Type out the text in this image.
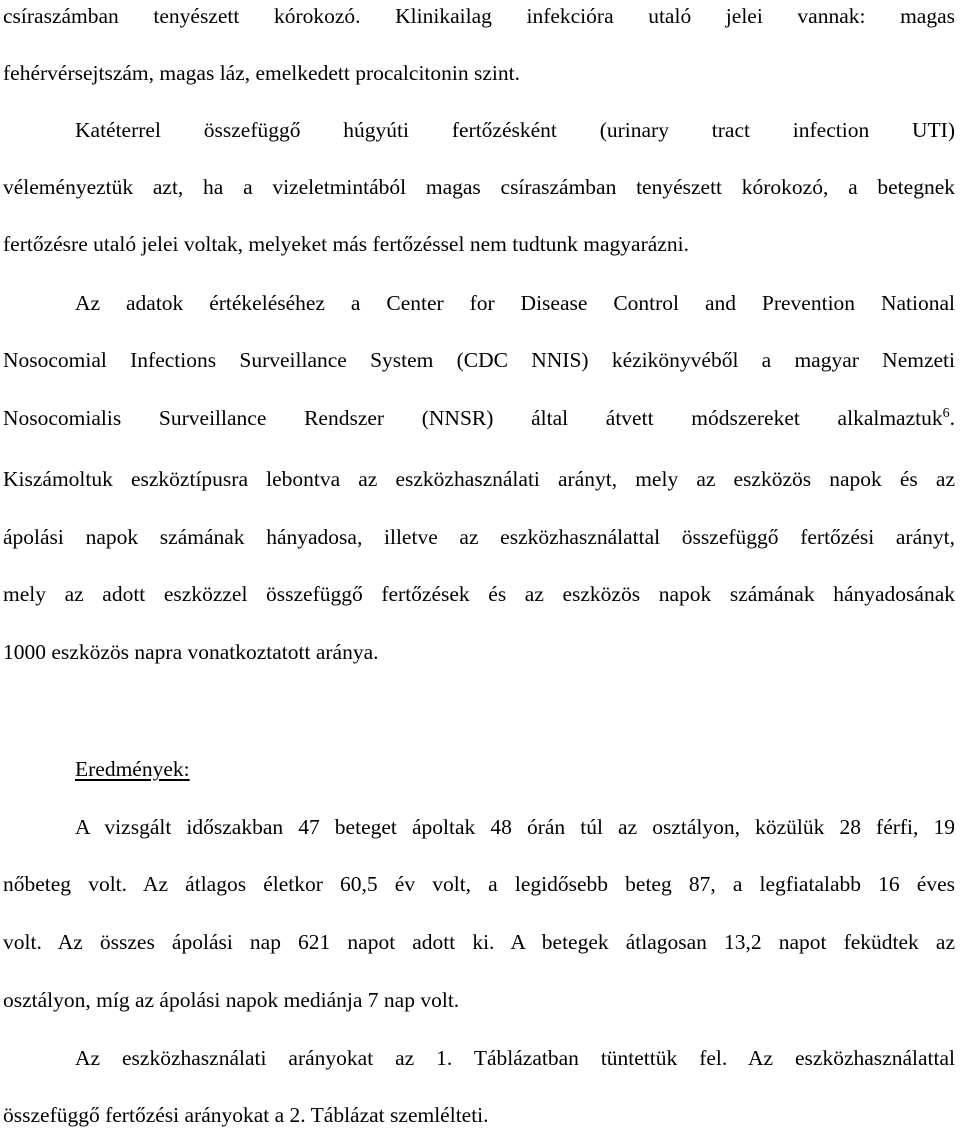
csíraszámban tenyészett kórokozó. Klinikailag infekcióra utaló jelei vannak: magas
fehérvérsejtszám, magas láz, emelkedett procalcitonin szint.
Katéterrel összefüggő húgyúti fertőzésként (urinary tract infection UTI)
véleményeztük azt, ha a vizeletmintából magas csíraszámban tenyészett kórokozó, a betegnek
fertőzésre utaló jelei voltak, melyeket más fertőzéssel nem tudtunk magyarázni.
Az adatok értékeléséhez a Center for Disease Control and Prevention National
Nosocomial Infections Surveillance System (CDC NNIS) kézikönyvéből a magyar Nemzeti
Nosocomialis Surveillance Rendszer (NNSR) által átvett módszereket alkalmaztuk$^6$.
Kiszámoltuk eszköztípusra lebontva az eszközhasználati arányt, mely az eszközös napok és az
ápolási napok számának hányadosa, illetve az eszközhasználattal összefüggő fertőzési arányt,
mely az adott eszközzel összefüggő fertőzések és az eszközös napok számának hányadosának
1000 eszközös napra vonatkoztatott aránya.
Eredmények:
A vizsgált időszakban 47 beteget ápoltak 48 órán túl az osztályon, közülük 28 férfi, 19
nőbeteg volt. Az átlagos életkor 60,5 év volt, a legidősebb beteg 87, a legfiatalabb 16 éves
volt. Az összes ápolási nap 621 napot adott ki. A betegek átlagosan 13,2 napot feküdtek az
osztályon, míg az ápolási napok mediánja 7 nap volt.
Az eszközhasználati arányokat az 1. Táblázatban tüntettük fel. Az eszközhasználattal
összefüggő fertőzési arányokat a 2. Táblázat szemlélteti.
